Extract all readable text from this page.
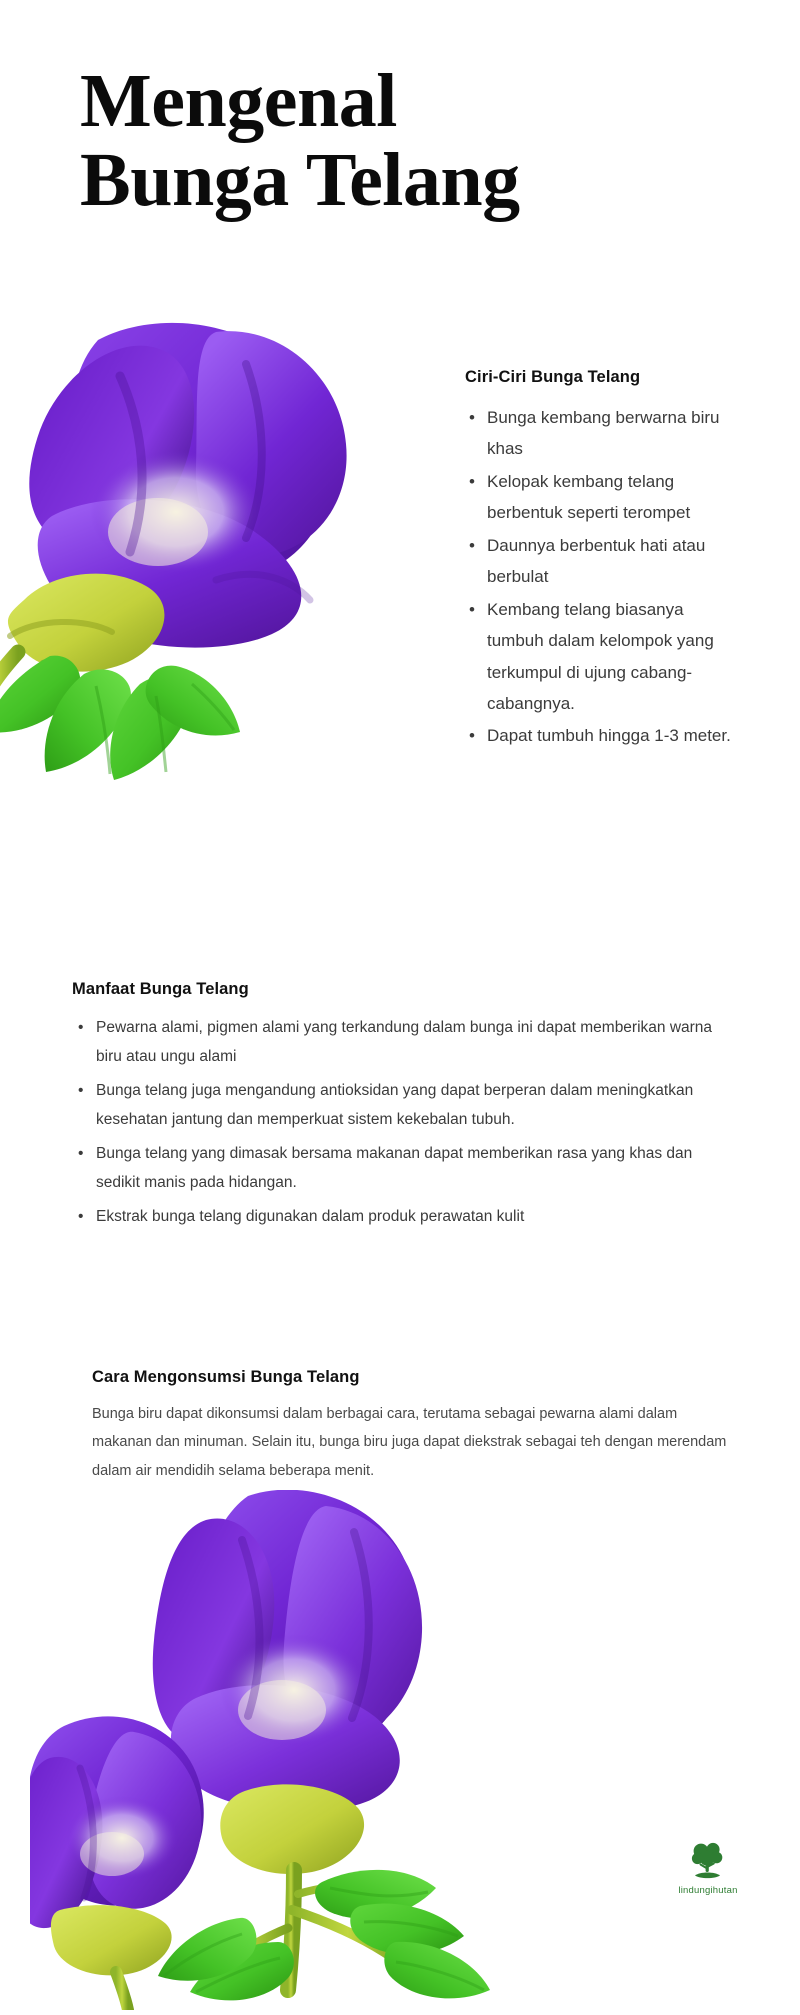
Mengenal
Bunga Telang
Ciri-Ciri Bunga Telang
• Bunga kembang berwarna biru khas
• Kelopak kembang telang berbentuk seperti terompet
• Daunnya berbentuk hati atau berbulat
• Kembang telang biasanya tumbuh dalam kelompok yang terkumpul di ujung cabang-cabangnya.
• Dapat tumbuh hingga 1-3 meter.
Manfaat Bunga Telang
• Pewarna alami, pigmen alami yang terkandung dalam bunga ini dapat memberikan warna biru atau ungu alami
• Bunga telang juga mengandung antioksidan yang dapat berperan dalam meningkatkan kesehatan jantung dan memperkuat sistem kekebalan tubuh.
• Bunga telang yang dimasak bersama makanan dapat memberikan rasa yang khas dan sedikit manis pada hidangan.
• Ekstrak bunga telang digunakan dalam produk perawatan kulit
Cara Mengonsumsi Bunga Telang

Bunga biru dapat dikonsumsi dalam berbagai cara, terutama sebagai pewarna alami dalam makanan dan minuman. Selain itu, bunga biru juga dapat diekstrak sebagai teh dengan merendam dalam air mendidih selama beberapa menit.

lindungihutan
